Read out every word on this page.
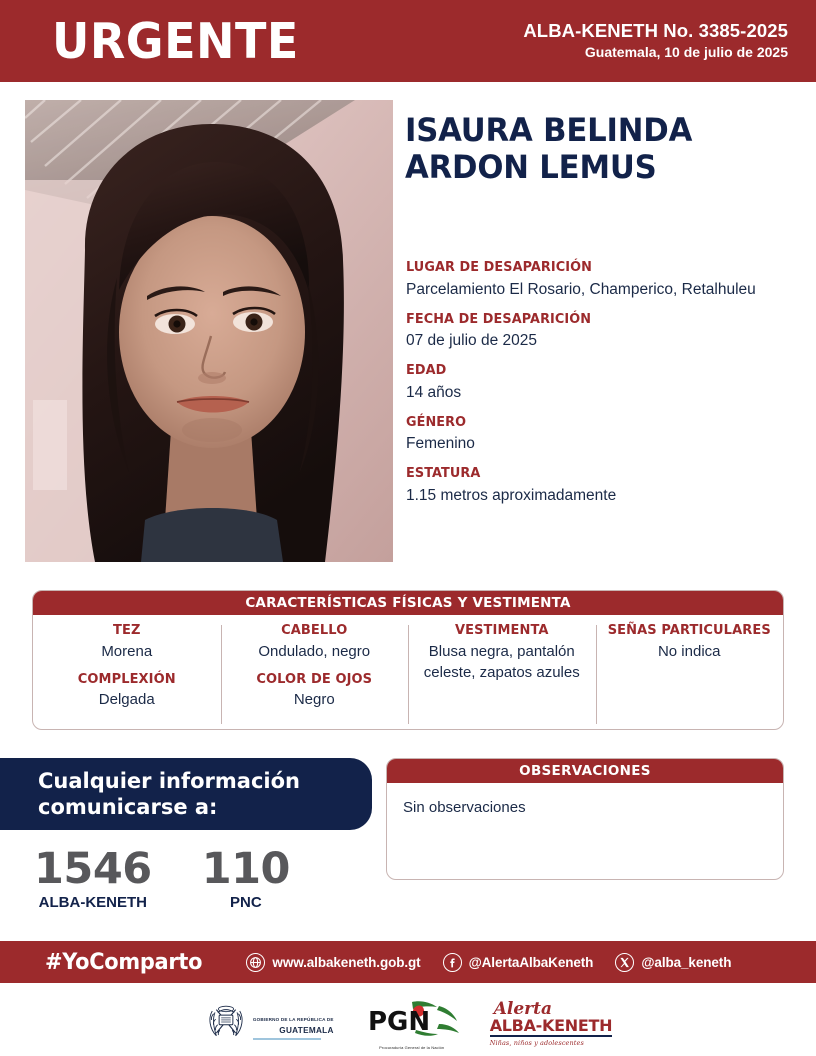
URGENTE	ALBA-KENETH No. 3385-2025
Guatemala, 10 de julio de 2025
ISAURA BELINDA
ARDON LEMUS
LUGAR DE DESAPARICIÓN
Parcelamiento El Rosario, Champerico, Retalhuleu
FECHA DE DESAPARICIÓN
07 de julio de 2025
EDAD
14 años
GÉNERO
Femenino
ESTATURA
1.15 metros aproximadamente
CARACTERÍSTICAS FÍSICAS Y VESTIMENTA
TEZ
Morena
COMPLEXIÓN
Delgada
CABELLO
Ondulado, negro
COLOR DE OJOS
Negro
VESTIMENTA
Blusa negra, pantalón celeste, zapatos azules
SEÑAS PARTICULARES
No indica
Cualquier información
comunicarse a:
1546
ALBA-KENETH
110
PNC
OBSERVACIONES
Sin observaciones
#YoComparto	www.albakeneth.gob.gt	@AlertaAlbaKeneth	@alba_keneth
GOBIERNO DE LA REPÚBLICA DE
GUATEMALA PGN
Procuraduría General de la Nación
Alerta
ALBA-KENETH
Niñas, niños y adolescentes
